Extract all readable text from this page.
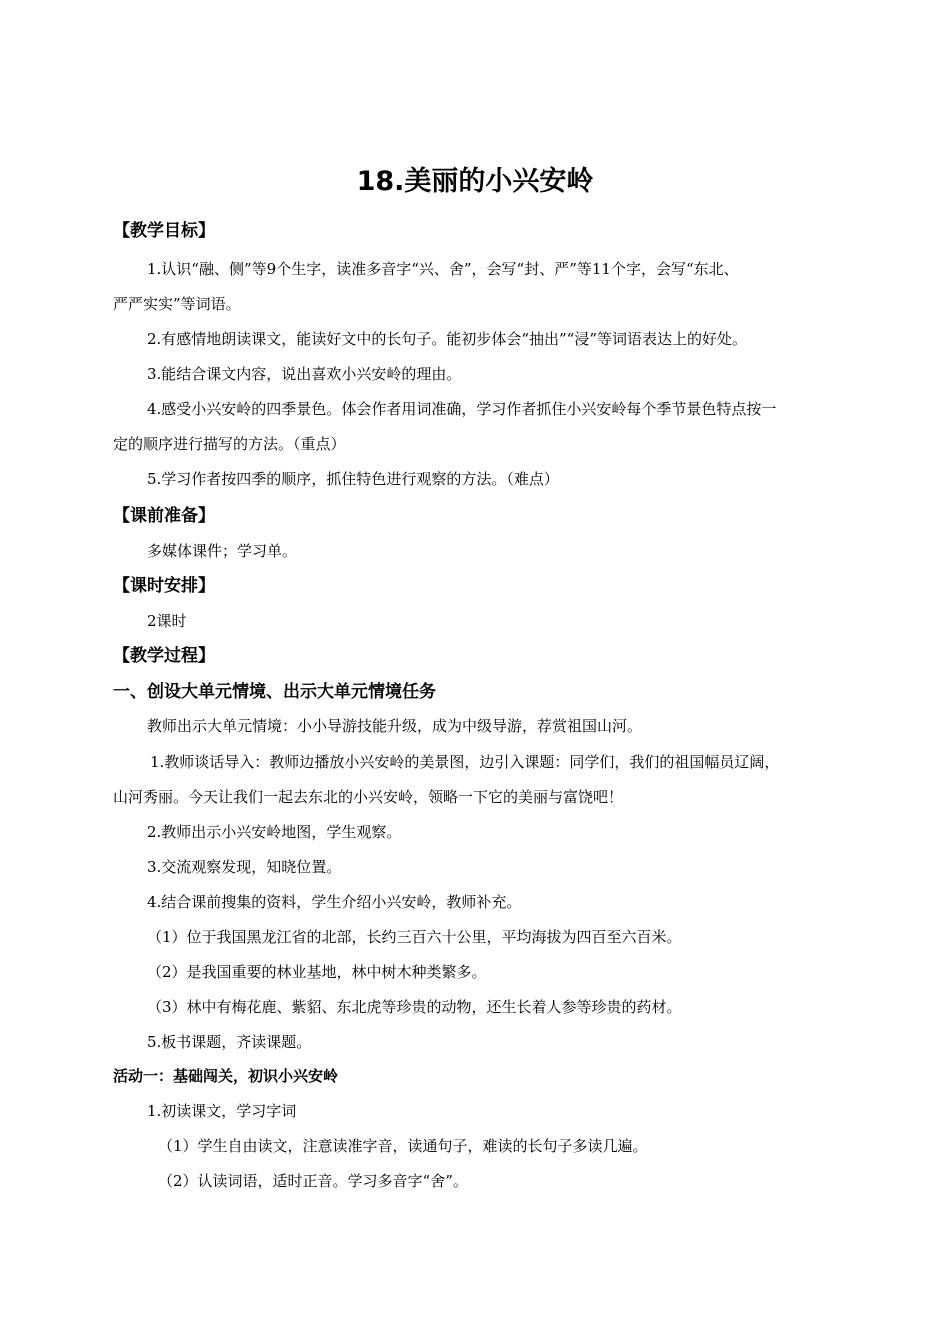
18.美丽的小兴安岭
【教学目标】
1.认识“融、侧”等9个生字，读准多音字“兴、舍”，会写“封、严”等11个字，会写“东北、
严严实实”等词语。
2.有感情地朗读课文，能读好文中的长句子。能初步体会“抽出”“浸”等词语表达上的好处。
3.能结合课文内容，说出喜欢小兴安岭的理由。
4.感受小兴安岭的四季景色。体会作者用词准确，学习作者抓住小兴安岭每个季节景色特点按一
定的顺序进行描写的方法。（重点）
5.学习作者按四季的顺序，抓住特色进行观察的方法。（难点）
【课前准备】
多媒体课件；学习单。
【课时安排】
2课时
【教学过程】
一、创设大单元情境、出示大单元情境任务
教师出示大单元情境：小小导游技能升级，成为中级导游，荐赏祖国山河。
1.教师谈话导入：教师边播放小兴安岭的美景图，边引入课题：同学们，我们的祖国幅员辽阔，
山河秀丽。今天让我们一起去东北的小兴安岭，领略一下它的美丽与富饶吧！
2.教师出示小兴安岭地图，学生观察。
3.交流观察发现，知晓位置。
4.结合课前搜集的资料，学生介绍小兴安岭，教师补充。
（1）位于我国黑龙江省的北部，长约三百六十公里，平均海拔为四百至六百米。
（2）是我国重要的林业基地，林中树木种类繁多。
（3）林中有梅花鹿、紫貂、东北虎等珍贵的动物，还生长着人参等珍贵的药材。
5.板书课题，齐读课题。
活动一：基础闯关，初识小兴安岭
1.初读课文，学习字词
（1）学生自由读文，注意读准字音，读通句子，难读的长句子多读几遍。
（2）认读词语，适时正音。学习多音字“舍”。
